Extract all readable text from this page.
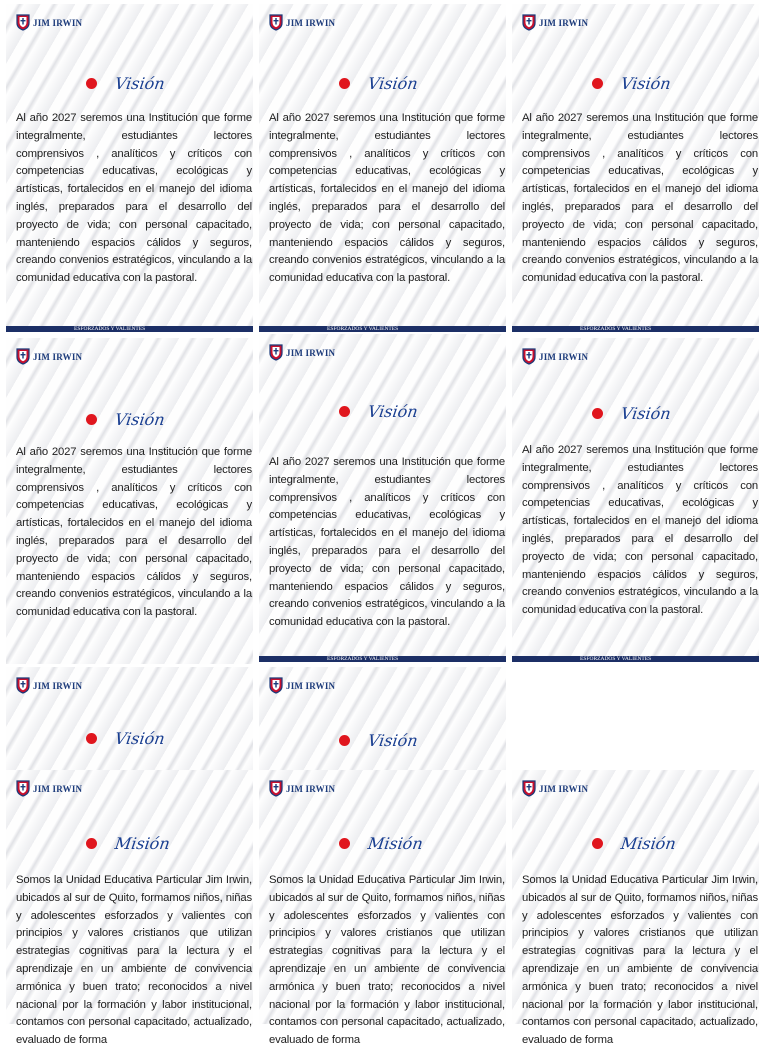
JIM IRWIN
Visión
Al año 2027 seremos una Institución que forme integralmente, estudiantes lectores comprensivos , analíticos y críticos con competencias educativas, ecológicas y artísticas, fortalecidos en el manejo del idioma inglés, preparados para el desarrollo del proyecto de vida; con personal capacitado, manteniendo espacios cálidos y seguros, creando convenios estratégicos, vinculando a la comunidad educativa con la pastoral.
ESFORZADOS Y VALIENTES
JIM IRWIN
Visión
Al año 2027 seremos una Institución que forme integralmente, estudiantes lectores comprensivos , analíticos y críticos con competencias educativas, ecológicas y artísticas, fortalecidos en el manejo del idioma inglés, preparados para el desarrollo del proyecto de vida; con personal capacitado, manteniendo espacios cálidos y seguros, creando convenios estratégicos, vinculando a la comunidad educativa con la pastoral.
ESFORZADOS Y VALIENTES
JIM IRWIN
Visión
Al año 2027 seremos una Institución que forme integralmente, estudiantes lectores comprensivos , analíticos y críticos con competencias educativas, ecológicas y artísticas, fortalecidos en el manejo del idioma inglés, preparados para el desarrollo del proyecto de vida; con personal capacitado, manteniendo espacios cálidos y seguros, creando convenios estratégicos, vinculando a la comunidad educativa con la pastoral.
ESFORZADOS Y VALIENTES
JIM IRWIN
Visión
Al año 2027 seremos una Institución que forme integralmente, estudiantes lectores comprensivos , analíticos y críticos con competencias educativas, ecológicas y artísticas, fortalecidos en el manejo del idioma inglés, preparados para el desarrollo del proyecto de vida; con personal capacitado, manteniendo espacios cálidos y seguros, creando convenios estratégicos, vinculando a la comunidad educativa con la pastoral.
JIM IRWIN
Visión
Al año 2027 seremos una Institución que forme integralmente, estudiantes lectores comprensivos , analíticos y críticos con competencias educativas, ecológicas y artísticas, fortalecidos en el manejo del idioma inglés, preparados para el desarrollo del proyecto de vida; con personal capacitado, manteniendo espacios cálidos y seguros, creando convenios estratégicos, vinculando a la comunidad educativa con la pastoral.
ESFORZADOS Y VALIENTES
JIM IRWIN
Visión
Al año 2027 seremos una Institución que forme integralmente, estudiantes lectores comprensivos , analíticos y críticos con competencias educativas, ecológicas y artísticas, fortalecidos en el manejo del idioma inglés, preparados para el desarrollo del proyecto de vida; con personal capacitado, manteniendo espacios cálidos y seguros, creando convenios estratégicos, vinculando a la comunidad educativa con la pastoral.
ESFORZADOS Y VALIENTES
JIM IRWIN
Visión
JIM IRWIN
Visión
JIM IRWIN
Misión
Somos la Unidad Educativa Particular Jim Irwin, ubicados al sur de Quito, formamos niños, niñas y adolescentes esforzados y valientes con principios y valores cristianos que utilizan estrategias cognitivas para la lectura y el aprendizaje en un ambiente de convivencia armónica y buen trato; reconocidos a nivel nacional por la formación y labor institucional, contamos con personal capacitado, actualizado, evaluado de forma
JIM IRWIN
Misión
Somos la Unidad Educativa Particular Jim Irwin, ubicados al sur de Quito, formamos niños, niñas y adolescentes esforzados y valientes con principios y valores cristianos que utilizan estrategias cognitivas para la lectura y el aprendizaje en un ambiente de convivencia armónica y buen trato; reconocidos a nivel nacional por la formación y labor institucional, contamos con personal capacitado, actualizado, evaluado de forma
JIM IRWIN
Misión
Somos la Unidad Educativa Particular Jim Irwin, ubicados al sur de Quito, formamos niños, niñas y adolescentes esforzados y valientes con principios y valores cristianos que utilizan estrategias cognitivas para la lectura y el aprendizaje en un ambiente de convivencia armónica y buen trato; reconocidos a nivel nacional por la formación y labor institucional, contamos con personal capacitado, actualizado, evaluado de forma
